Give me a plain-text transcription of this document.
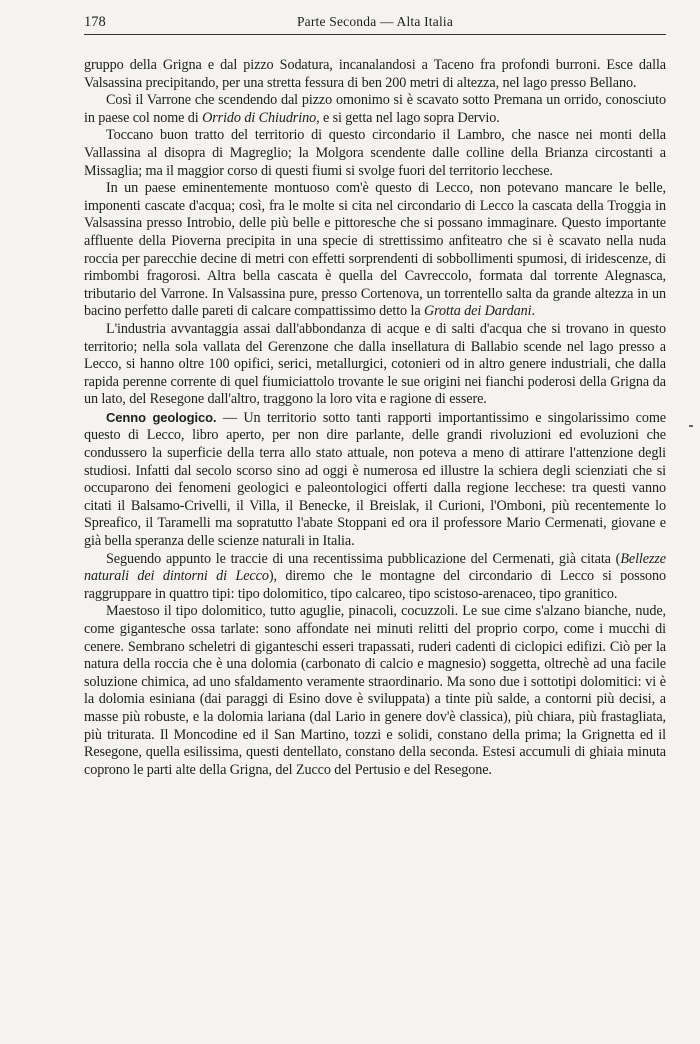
178	Parte Seconda — Alta Italia

gruppo della Grigna e dal pizzo Sodatura, incanalandosi a Taceno fra profondi burroni. Esce dalla Valsassina precipitando, per una stretta fessura di ben 200 metri di altezza, nel lago presso Bellano.

Così il Varrone che scendendo dal pizzo omonimo si è scavato sotto Premana un orrido, conosciuto in paese col nome di Orrido di Chiudrino, e si getta nel lago sopra Dervio.

Toccano buon tratto del territorio di questo circondario il Lambro, che nasce nei monti della Vallassina al disopra di Magreglio; la Molgora scendente dalle colline della Brianza circostanti a Missaglia; ma il maggior corso di questi fiumi si svolge fuori del territorio lecchese.

In un paese eminentemente montuoso com'è questo di Lecco, non potevano mancare le belle, imponenti cascate d'acqua; così, fra le molte si cita nel circondario di Lecco la cascata della Troggia in Valsassina presso Introbio, delle più belle e pittoresche che si possano immaginare. Questo importante affluente della Pioverna precipita in una specie di strettissimo anfiteatro che si è scavato nella nuda roccia per parecchie decine di metri con effetti sorprendenti di sobbollimenti spumosi, di iridescenze, di rimbombi fragorosi. Altra bella cascata è quella del Cavreccolo, formata dal torrente Alegnasca, tributario del Varrone. In Valsassina pure, presso Cortenova, un torrentello salta da grande altezza in un bacino perfetto dalle pareti di calcare compattissimo detto la Grotta dei Dardani.

L'industria avvantaggia assai dall'abbondanza di acque e di salti d'acqua che si trovano in questo territorio; nella sola vallata del Gerenzone che dalla insellatura di Ballabio scende nel lago presso a Lecco, si hanno oltre 100 opifici, serici, metallurgici, cotonieri od in altro genere industriali, che dalla rapida perenne corrente di quel fiumiciattolo trovante le sue origini nei fianchi poderosi della Grigna da un lato, del Resegone dall'altro, traggono la loro vita e ragione di essere.

Cenno geologico. — Un territorio sotto tanti rapporti importantissimo e singolarissimo come questo di Lecco, libro aperto, per non dire parlante, delle grandi rivoluzioni ed evoluzioni che condussero la superficie della terra allo stato attuale, non poteva a meno di attirare l'attenzione degli studiosi. Infatti dal secolo scorso sino ad oggi è numerosa ed illustre la schiera degli scienziati che si occuparono dei fenomeni geologici e paleontologici offerti dalla regione lecchese: tra questi vanno citati il Balsamo-Crivelli, il Villa, il Benecke, il Breislak, il Curioni, l'Omboni, più recentemente lo Spreafico, il Taramelli ma sopratutto l'abate Stoppani ed ora il professore Mario Cermenati, giovane e già bella speranza delle scienze naturali in Italia.

Seguendo appunto le traccie di una recentissima pubblicazione del Cermenati, già citata (Bellezze naturali dei dintorni di Lecco), diremo che le montagne del circondario di Lecco si possono raggruppare in quattro tipi: tipo dolomitico, tipo calcareo, tipo scistoso-arenaceo, tipo granitico.

Maestoso il tipo dolomitico, tutto aguglie, pinacoli, cocuzzoli. Le sue cime s'alzano bianche, nude, come gigantesche ossa tarlate: sono affondate nei minuti relitti del proprio corpo, come i mucchi di cenere. Sembrano scheletri di giganteschi esseri trapassati, ruderi cadenti di ciclopici edifizi. Ciò per la natura della roccia che è una dolomia (carbonato di calcio e magnesio) soggetta, oltrechè ad una facile soluzione chimica, ad uno sfaldamento veramente straordinario. Ma sono due i sottotipi dolomitici: vi è la dolomia esiniana (dai paraggi di Esino dove è sviluppata) a tinte più salde, a contorni più decisi, a masse più robuste, e la dolomia lariana (dal Lario in genere dov'è classica), più chiara, più frastagliata, più triturata. Il Moncodine ed il San Martino, tozzi e solidi, constano della prima; la Grignetta ed il Resegone, quella esilissima, questi dentellato, constano della seconda. Estesi accumuli di ghiaia minuta coprono le parti alte della Grigna, del Zucco del Pertusio e del Resegone.
